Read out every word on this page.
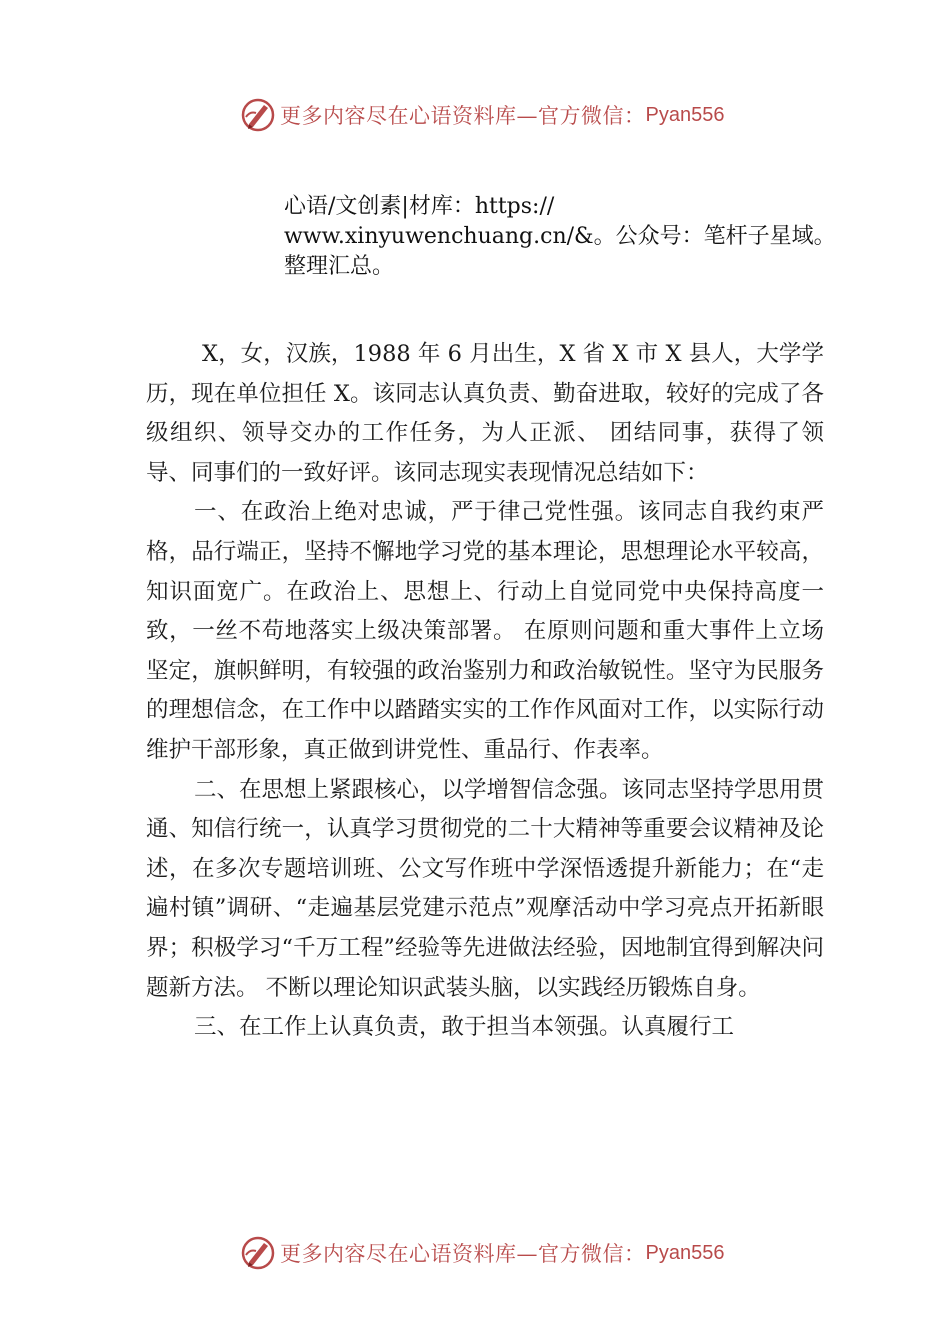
更多内容尽在心语资料库—官方微信： Pyan556
心语/文创素|材库：https://
www.xinyuwenchuang.cn/&。公众号：笔杆子星域。
整理汇总。

X，女，汉族，1988 年 6 月出生，X 省 X 市 X 县人，大学学历，现在单位担任 X。该同志认真负责、勤奋进取，较好的完成了各级组织、领导交办的工作任务，为人正派、 团结同事，获得了领导、同事们的一致好评。该同志现实表现情况总结如下：

一、在政治上绝对忠诚，严于律己党性强。该同志自我约束严格，品行端正，坚持不懈地学习党的基本理论，思想理论水平较高，知识面宽广。在政治上、思想上、行动上自觉同党中央保持高度一致，一丝不苟地落实上级决策部署。 在原则问题和重大事件上立场坚定，旗帜鲜明，有较强的政治鉴别力和政治敏锐性。坚守为民服务的理想信念，在工作中以踏踏实实的工作作风面对工作，以实际行动维护干部形象，真正做到讲党性、重品行、作表率。

二、在思想上紧跟核心，以学增智信念强。该同志坚持学思用贯通、知信行统一，认真学习贯彻党的二十大精神等重要会议精神及论述，在多次专题培训班、公文写作班中学深悟透提升新能力；在“走遍村镇”调研、“走遍基层党建示范点”观摩活动中学习亮点开拓新眼界；积极学习“千万工程”经验等先进做法经验，因地制宜得到解决问题新方法。 不断以理论知识武装头脑，以实践经历锻炼自身。

三、在工作上认真负责，敢于担当本领强。认真履行工

更多内容尽在心语资料库—官方微信： Pyan556
